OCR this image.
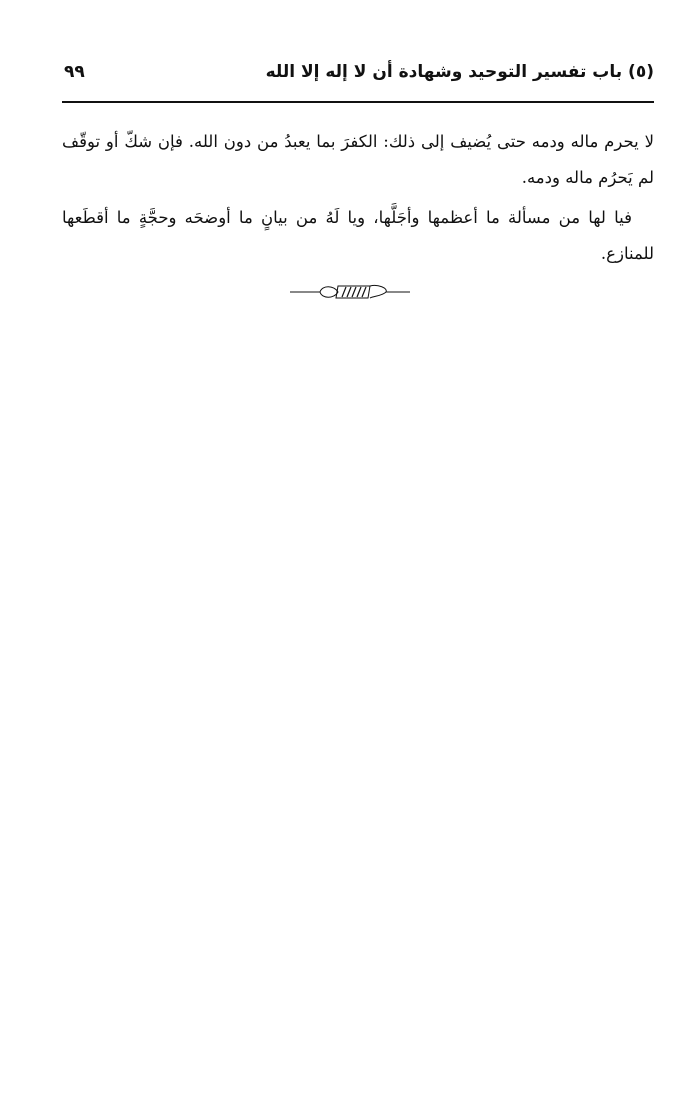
(٥) باب تفسير التوحيد وشهادة أن لا إله إلا الله
٩٩

لا يحرم ماله ودمه حتى يُضيف إلى ذلك: الكفرَ بما يعبدُ من دون الله. فإن شكّ أو توقّف لم يَحرُم ماله ودمه.

فيا لها من مسألة ما أعظمها وأجَلَّها، ويا لَهُ من بيانٍ ما أوضحَه وحجَّةٍ ما أقطَعها للمنازع.
